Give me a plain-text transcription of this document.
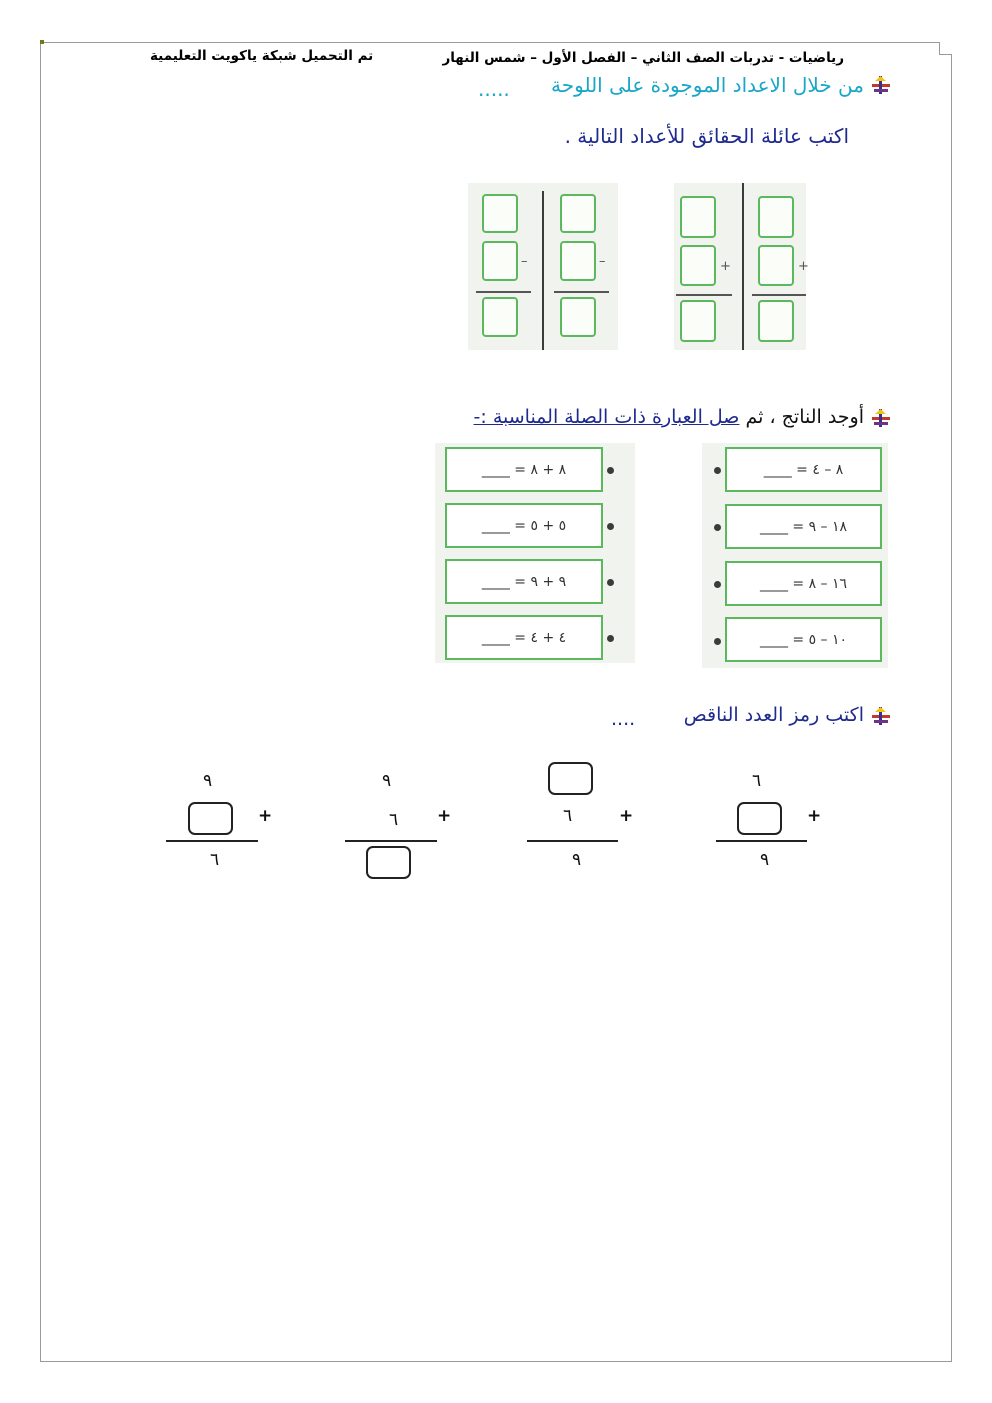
تم التحميل شبكة ياكويت التعليمية	رياضيات - تدربات الصف الثاني – الفصل الأول – شمس النهار
من خلال الاعداد الموجودة على اللوحة
.....
اكتب عائلة الحقائق للأعداد التالية .
–	–	+	+
أوجد الناتج ، ثم صل العبارة ذات الصلة المناسبة :-
٨ + ٨ = ____
٥ + ٥ = ____
٩ + ٩ = ____
٤ + ٤ = ____
٨ – ٤ = ____
١٨ – ٩ = ____
١٦ – ٨ = ____
١٠ – ٥ = ____
اكتب رمز العدد الناقص
....
٦
+
٩
+
٦
٩
٩
+
٦
٩
+
٦
